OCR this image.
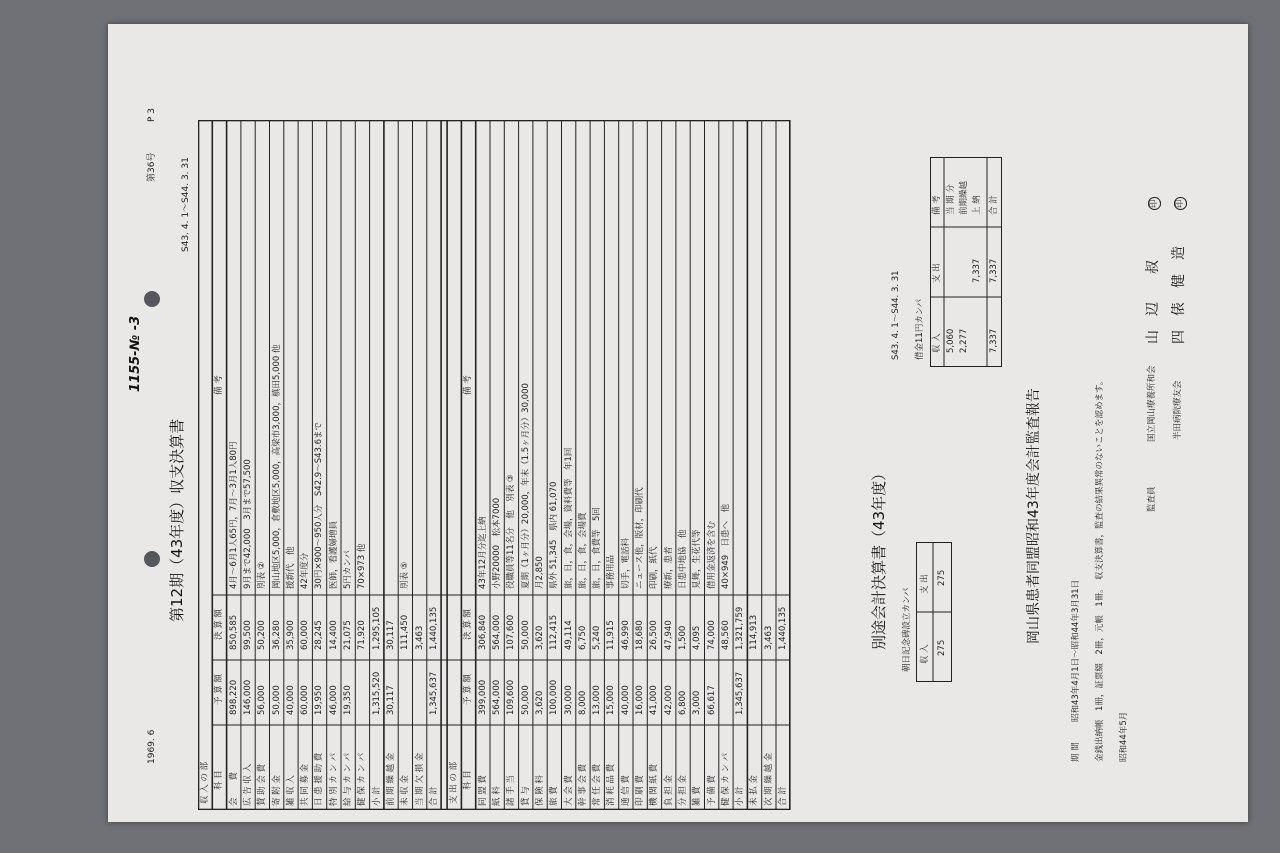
1155-№ -3
1969. 6
第36号
P 3
第12期（43年度）収支決算書
S43. 4. 1〜S44. 3. 31
収 入 の 部 科 目
予 算 額
決 算 額
備 考
会　　費
898,220
850,585
4月〜6月1人65円，7月〜3月1人80円
広 告 収 入
146,000
99,500
9月まで42,000　3月まで57,500
賛 助 会 費
56,000
50,200
別表 ②
寄 附 金
50,000
36,280
岡山地区5,000，倉敷地区5,000，高梁市3,000，槙田5,000 他
雑 収 入
40,000
35,900
援新代　他
共 同 募 金
60,000
60,000
42年度分
日 患 援 助 費
19,950
28,245
30円×900〜950人分　S42.9〜S43.6まで
特 別 カ ン パ
46,000
14,400
医師，看護婦増員
給 与 カ ン パ
19,350
21,075
5円カンパ
健 保 カ ン パ
71,920
70×973 他
小 計
1,315,520
1,295,105
前 期 繰 越 金
30,117
30,117
未 収 金
111,450
別表 ⑤
当 期 欠 損 金
3,463
合 計
1,345,637
1,440,135
支 出 の 部 科 目
予 算 額
決 算 額
備 考
同 盟 費
399,000
306,840
43年12月分迄上納
紙 料
564,000
564,000
小野20000　松本7000
諸 手 当
109,600
107,600
役職員等11名分　他　別表 ③
貸 与
50,000
50,000
夏期（1ヶ月分）20,000，年末（1.5ヶ月分）30,000
保 険 料
3,620
3,620
月2,850
旅 費
100,000
112,415
県外 51,345　県内 61,070
大 会 費
30,000
49,114
旅，日，食，会場，資料費等　年1回
幹 事 会 費
8,000
6,750
旅，日，食，会場費
常 任 会 費
13,000
5,240
旅，日，食費等　5回
消 耗 品 費
15,000
11,915
事務用品
通 信 費
40,000
46,990
切手，電話料
印 刷 費
16,000
18,680
ニュース他，版材，印刷代
機 関 紙 費
41,000
26,500
印刷，紙代
負 担 金
42,000
47,940
療新，患者
分 担 金
6,800
1,500
日患中地協　他
雑 費
3,000
4,095
見舞，生花代等
予 備 費
66,617
74,000
借用金返済を含む
健 保 カ ン パ
48,560
40×949　日患へ　他
小 計
1,345,637
1,321,759
未 払 金
114,913
次 期 繰 越 金
3,463
合 計
1,440,135	別途会計決算書（43年度） 朝日記念碑設立カンパ 収 入
支 出
275
275
S43. 4. 1〜S44. 3. 31 借金11円カンパ 収 入
支 出
備 考
5,060
当 期 分
2,277
前期繰越
7,337
上 納
7,337
7,337
合 計
岡山県患者同盟昭和43年度会計監査報告
期 間
昭和43年4月1日〜昭和44年3月31日 金銭出納帳　1冊，証票綴　2冊，元帳　1冊。　収支決算書，監査の結果異常のないことを認めます。 昭和44年5月
監査員
国立岡山療養所和会
山　辺　　叔
半田病院療友会
四　俵　健　造
印 印
